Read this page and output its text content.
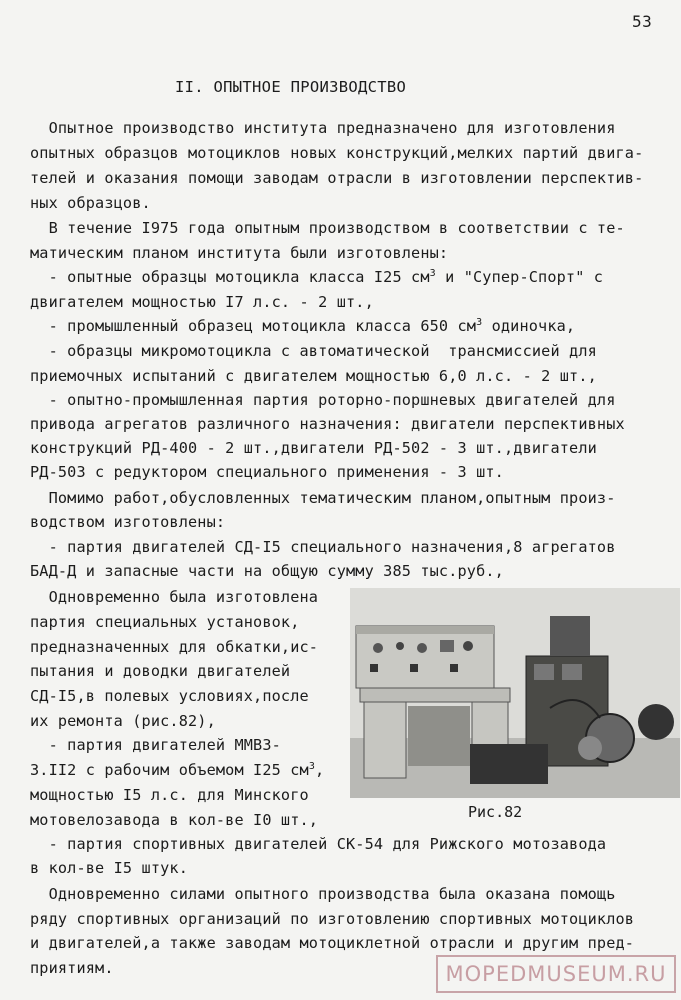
53
II. ОПЫТНОЕ ПРОИЗВОДСТВО
Опытное производство института предназначено для изготовления
опытных образцов мотоциклов новых конструкций,мелких партий двига-
телей и оказания помощи заводам отрасли в изготовлении перспектив-
ных образцов.
В течение I975 года опытным производством в соответствии с те-
матическим планом института были изготовлены:
- опытные образцы мотоцикла класса I25 $см^3$ и "Супер-Спорт" с
двигателем мощностью I7 л.с. - 2 шт.,
- промышленный образец мотоцикла класса 650 $см^3$ одиночка,
- образцы микромотоцикла с автоматической  трансмиссией для
приемочных испытаний с двигателем мощностью 6,0 л.с. - 2 шт.,
- опытно-промышленная партия роторно-поршневых двигателей для
привода агрегатов различного назначения: двигатели перспективных
конструкций РД-400 - 2 шт.,двигатели РД-502 - 3 шт.,двигатели
РД-503 с редуктором специального применения - 3 шт.
Помимо работ,обусловленных тематическим планом,опытным произ-
водством изготовлены:
- партия двигателей СД-I5 специального назначения,8 агрегатов
БАД-Д и запасные части на общую сумму 385 тыс.руб.,
Одновременно была изготовлена
партия специальных установок,
предназначенных для обкатки,ис-
пытания и доводки двигателей
СД-I5,в полевых условиях,после
их ремонта (рис.82),
- партия двигателей ММВЗ-
3.II2 с рабочим объемом I25 $см^3$,
мощностью I5 л.с. для Минского
мотовелозавода в кол-ве I0 шт.,
- партия спортивных двигателей СК-54 для Рижского мотозавода
в кол-ве I5 штук.
Одновременно силами опытного производства была оказана помощь
ряду спортивных организаций по изготовлению спортивных мотоциклов
и двигателей,а также заводам мотоциклетной отрасли и другим пред-
приятиям.
Рис.82
MOPEDMUSEUM.RU
